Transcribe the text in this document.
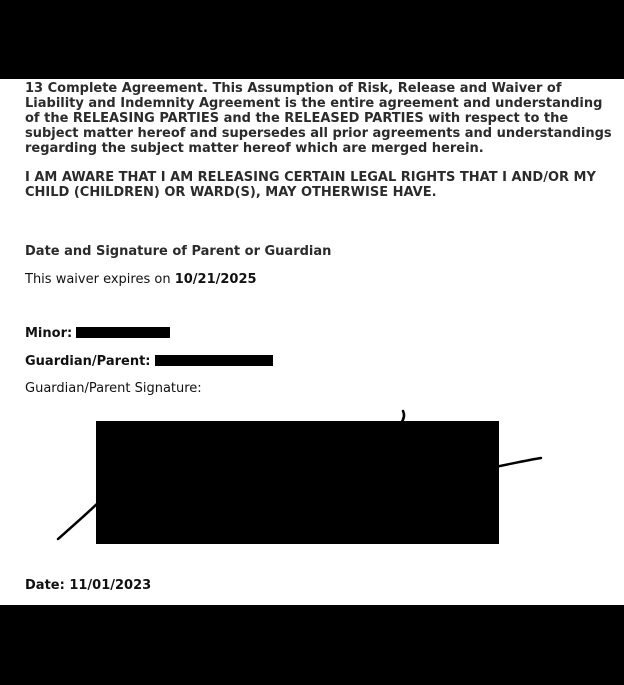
13 Complete Agreement. This Assumption of Risk, Release and Waiver of Liability and Indemnity Agreement is the entire agreement and understanding of the RELEASING PARTIES and the RELEASED PARTIES with respect to the subject matter hereof and supersedes all prior agreements and understandings regarding the subject matter hereof which are merged herein.

I AM AWARE THAT I AM RELEASING CERTAIN LEGAL RIGHTS THAT I AND/OR MY CHILD (CHILDREN) OR WARD(S), MAY OTHERWISE HAVE.

Date and Signature of Parent or Guardian

This waiver expires on 10/21/2025

Minor:

Guardian/Parent:

Guardian/Parent Signature:

Date: 11/01/2023
